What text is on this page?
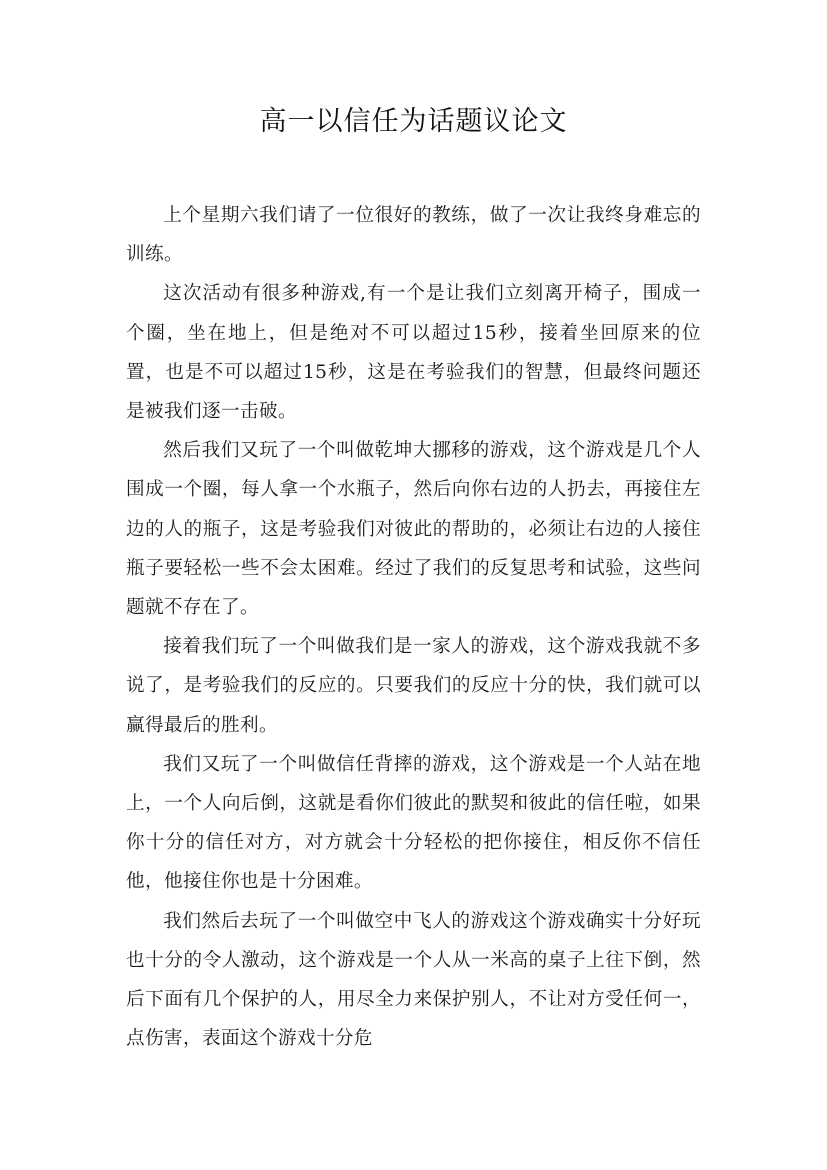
高一以信任为话题议论文

上个星期六我们请了一位很好的教练，做了一次让我终身难忘的训练。

这次活动有很多种游戏,有一个是让我们立刻离开椅子，围成一个圈，坐在地上，但是绝对不可以超过15秒，接着坐回原来的位置，也是不可以超过15秒，这是在考验我们的智慧，但最终问题还是被我们逐一击破。

然后我们又玩了一个叫做乾坤大挪移的游戏，这个游戏是几个人围成一个圈，每人拿一个水瓶子，然后向你右边的人扔去，再接住左边的人的瓶子，这是考验我们对彼此的帮助的，必须让右边的人接住瓶子要轻松一些不会太困难。经过了我们的反复思考和试验，这些问题就不存在了。

接着我们玩了一个叫做我们是一家人的游戏，这个游戏我就不多说了，是考验我们的反应的。只要我们的反应十分的快，我们就可以赢得最后的胜利。

我们又玩了一个叫做信任背摔的游戏，这个游戏是一个人站在地上，一个人向后倒，这就是看你们彼此的默契和彼此的信任啦，如果你十分的信任对方，对方就会十分轻松的把你接住，相反你不信任他，他接住你也是十分困难。

我们然后去玩了一个叫做空中飞人的游戏这个游戏确实十分好玩也十分的令人激动，这个游戏是一个人从一米高的桌子上往下倒，然后下面有几个保护的人，用尽全力来保护别人，不让对方受任何一，点伤害，表面这个游戏十分危
